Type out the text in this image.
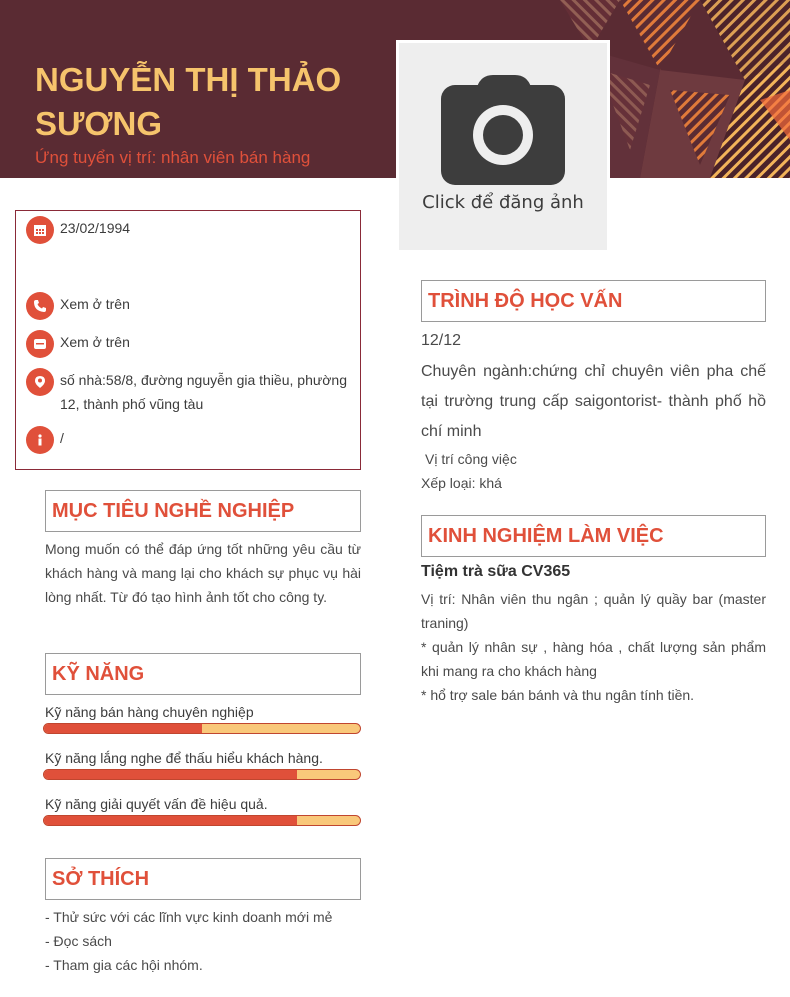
NGUYỄN THỊ THẢO SƯƠNG
Ứng tuyển vị trí: nhân viên bán hàng
Click để đăng ảnh
23/02/1994
Xem ở trên
Xem ở trên
số nhà:58/8, đường nguyễn gia thiều, phường 12, thành phố vũng tàu
/
MỤC TIÊU NGHỀ NGHIỆP
Mong muốn có thể đáp ứng tốt những yêu cầu từ khách hàng và mang lại cho khách sự phục vụ hài lòng nhất. Từ đó tạo hình ảnh tốt cho công ty.
KỸ NĂNG
Kỹ năng bán hàng chuyên nghiệp
Kỹ năng lắng nghe để thấu hiểu khách hàng.
Kỹ năng giải quyết vấn đề hiệu quả.
SỞ THÍCH
- Thử sức với các lĩnh vực kinh doanh mới mẻ
- Đọc sách
- Tham gia các hội nhóm.
TRÌNH ĐỘ HỌC VẤN
12/12
Chuyên ngành:chứng chỉ chuyên viên pha chế tại trường trung cấp saigontorist- thành phố hồ chí minh
Vị trí công việc
Xếp loại: khá
KINH NGHIỆM LÀM VIỆC
Tiệm trà sữa CV365
Vị trí: Nhân viên thu ngân ; quản lý quầy bar (master traning)
* quản lý nhân sự , hàng hóa , chất lượng sản phẩm khi mang ra cho khách hàng
* hổ trợ sale bán bánh và thu ngân tính tiền.
